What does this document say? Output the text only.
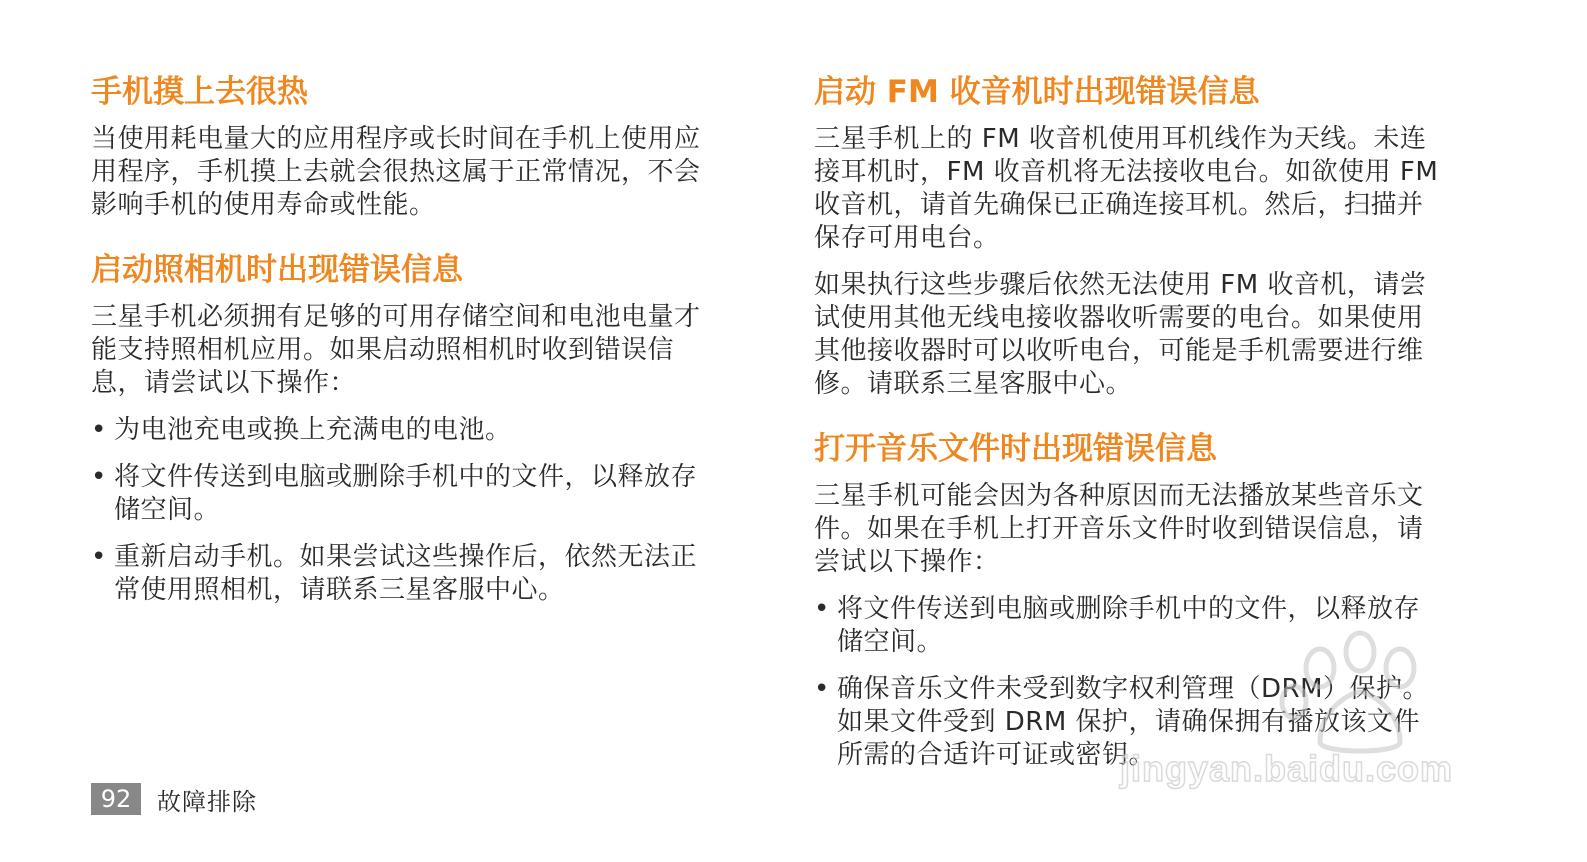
手机摸上去很热
当使用耗电量大的应用程序或长时间在手机上使用应
用程序，手机摸上去就会很热这属于正常情况，不会
影响手机的使用寿命或性能。
启动照相机时出现错误信息
三星手机必须拥有足够的可用存储空间和电池电量才
能支持照相机应用。如果启动照相机时收到错误信
息，请尝试以下操作：
• 为电池充电或换上充满电的电池。
• 将文件传送到电脑或删除手机中的文件，以释放存
储空间。
• 重新启动手机。如果尝试这些操作后，依然无法正
常使用照相机，请联系三星客服中心。
启动 FM 收音机时出现错误信息
三星手机上的 FM 收音机使用耳机线作为天线。未连
接耳机时，FM 收音机将无法接收电台。如欲使用 FM
收音机，请首先确保已正确连接耳机。然后，扫描并
保存可用电台。
如果执行这些步骤后依然无法使用 FM 收音机，请尝
试使用其他无线电接收器收听需要的电台。如果使用
其他接收器时可以收听电台，可能是手机需要进行维
修。请联系三星客服中心。
打开音乐文件时出现错误信息
三星手机可能会因为各种原因而无法播放某些音乐文
件。如果在手机上打开音乐文件时收到错误信息，请
尝试以下操作：
• 将文件传送到电脑或删除手机中的文件，以释放存
储空间。
• 确保音乐文件未受到数字权利管理（DRM）保护。
如果文件受到 DRM 保护，请确保拥有播放该文件
所需的合适许可证或密钥。
92	故障排除
jingyan.baidu.com
